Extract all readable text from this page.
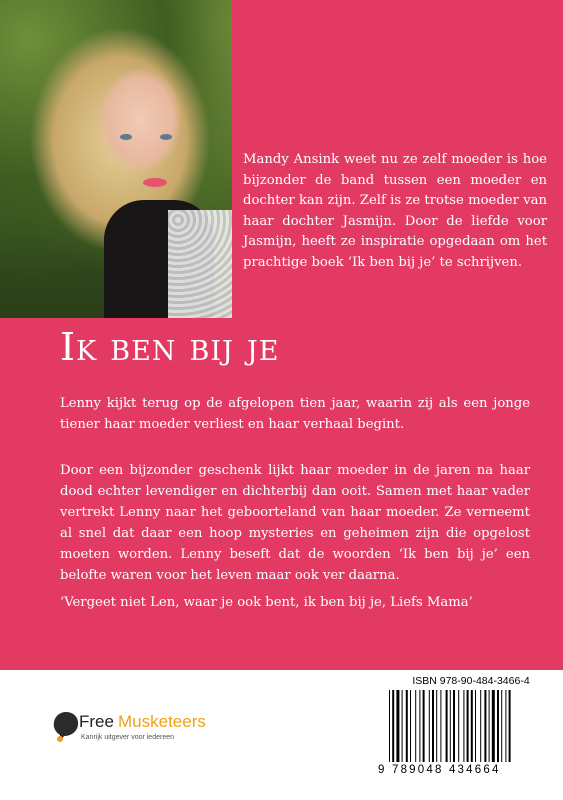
Mandy Ansink weet nu ze zelf moeder is hoe bijzonder de band tussen een moeder en dochter kan zijn. Zelf is ze trotse moeder van haar dochter Jasmijn. Door de liefde voor Jasmijn, heeft ze inspiratie opgedaan om het prachtige boek ‘Ik ben bij je’ te schrijven.

Ik ben bij je

Lenny kijkt terug op de afgelopen tien jaar, waarin zij als een jonge tiener haar moeder verliest en haar verhaal begint.

Door een bijzonder geschenk lijkt haar moeder in de jaren na haar dood echter levendiger en dichterbij dan ooit. Samen met haar vader vertrekt Lenny naar het geboorteland van haar moeder. Ze verneemt al snel dat daar een hoop mysteries en geheimen zijn die opgelost moeten worden. Lenny beseft dat de woorden ‘Ik ben bij je’ een belofte waren voor het leven maar ook ver daarna.

‘Vergeet niet Len, waar je ook bent, ik ben bij je, Liefs Mama’

Free Musketeers
Kanrijk uitgever voor iedereen
ISBN 978-90-484-3466-4
9 789048 434664
